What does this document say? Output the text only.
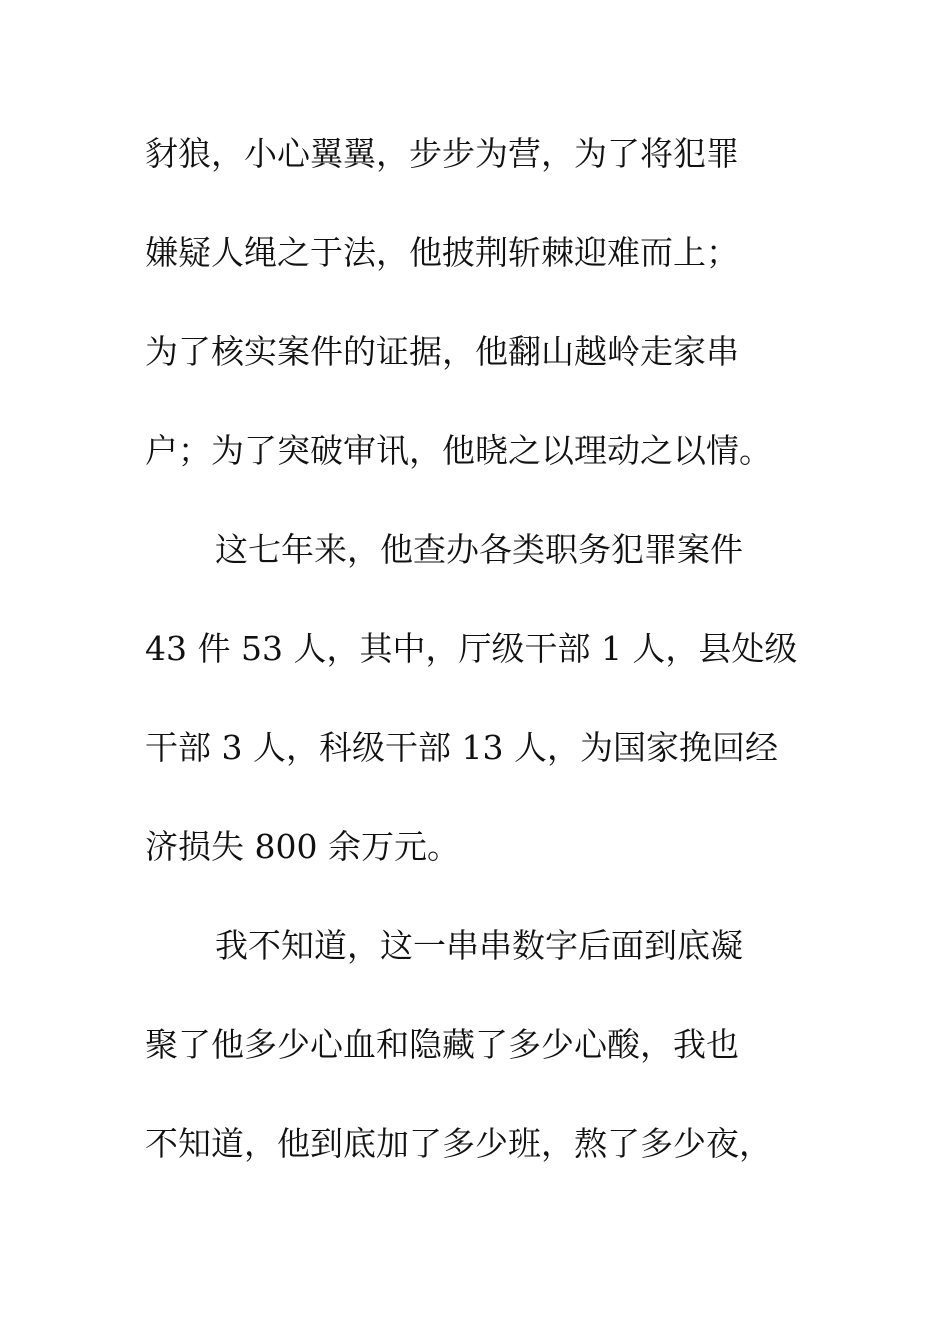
豺狼，小心翼翼，步步为营，为了将犯罪
嫌疑人绳之于法，他披荆斩棘迎难而上；
为了核实案件的证据，他翻山越岭走家串
户；为了突破审讯，他晓之以理动之以情。
这七年来，他查办各类职务犯罪案件
43 件 53 人，其中，厅级干部 1 人，县处级
干部 3 人，科级干部 13 人，为国家挽回经
济损失 800 余万元。
我不知道，这一串串数字后面到底凝
聚了他多少心血和隐藏了多少心酸，我也
不知道，他到底加了多少班，熬了多少夜，
